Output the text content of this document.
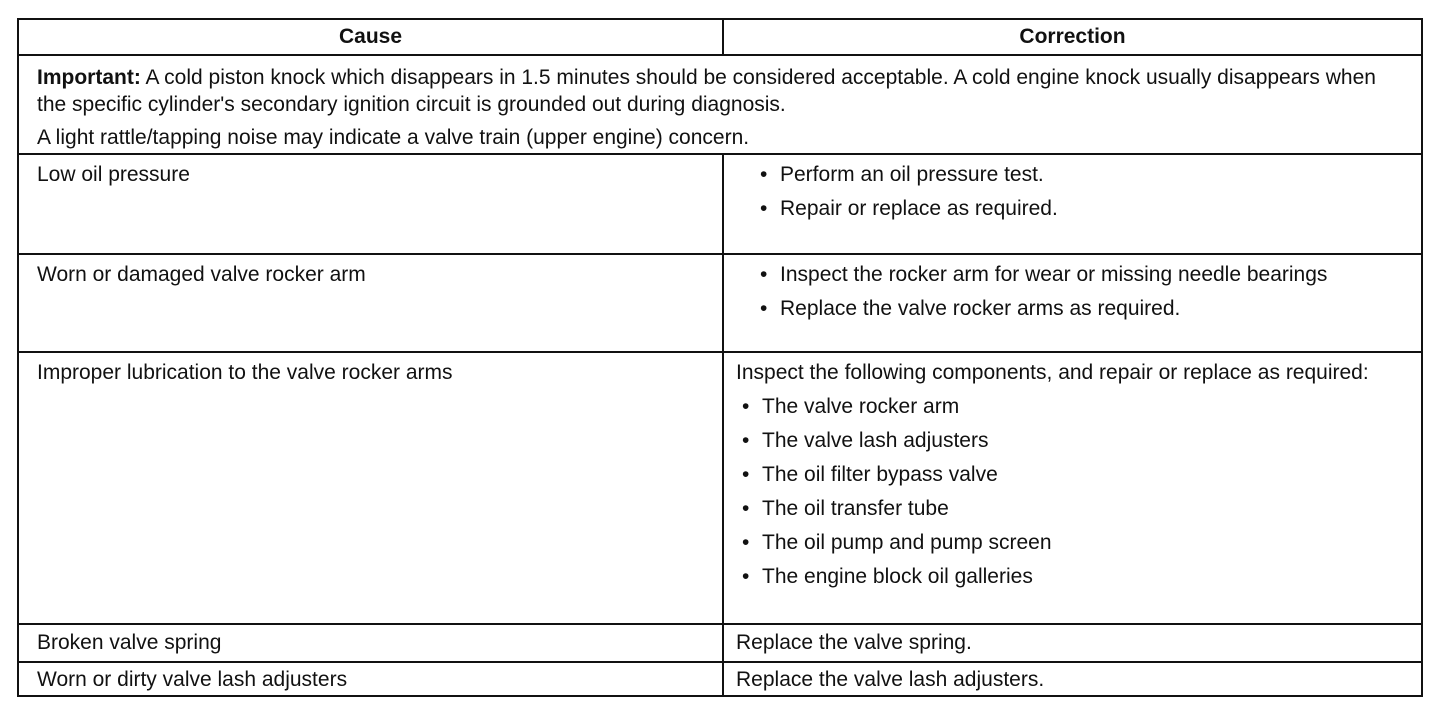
Cause	Correction

Important: A cold piston knock which disappears in 1.5 minutes should be considered acceptable. A cold engine knock usually disappears when the specific cylinder's secondary ignition circuit is grounded out during diagnosis.

A light rattle/tapping noise may indicate a valve train (upper engine) concern.

Low oil pressure	• Perform an oil pressure test.
• Repair or replace as required.
Worn or damaged valve rocker arm	• Inspect the rocker arm for wear or missing needle bearings
• Replace the valve rocker arms as required.
Improper lubrication to the valve rocker arms	Inspect the following components, and repair or replace as required:

• The valve rocker arm
• The valve lash adjusters
• The oil filter bypass valve
• The oil transfer tube
• The oil pump and pump screen
• The engine block oil galleries
Broken valve spring	Replace the valve spring.
Worn or dirty valve lash adjusters	Replace the valve lash adjusters.
